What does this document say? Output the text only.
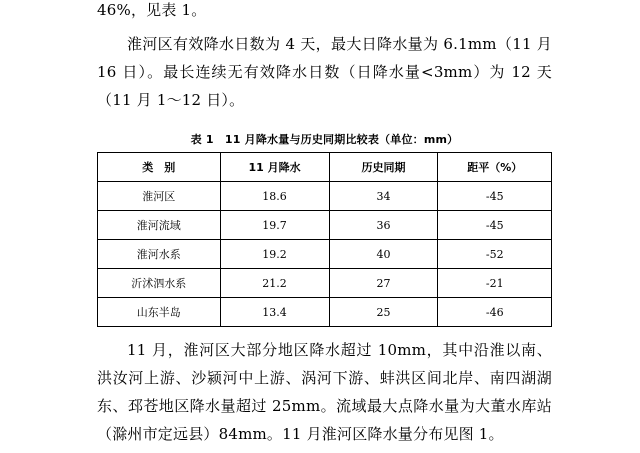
46%，见表 1。

淮河区有效降水日数为 4 天，最大日降水量为 6.1mm（11 月 16 日）。最长连续无有效降水日数（日降水量<3mm）为 12 天（11 月 1～12 日）。

表 1　11 月降水量与历史同期比较表（单位：mm）
类　别	11 月降水	历史同期	距平（%）
淮河区	18.6	34	-45
淮河流域	19.7	36	-45
淮河水系	19.2	40	-52
沂沭泗水系	21.2	27	-21
山东半岛	13.4	25	-46

11 月，淮河区大部分地区降水超过 10mm，其中沿淮以南、洪汝河上游、沙颍河中上游、涡河下游、蚌洪区间北岸、南四湖湖东、邳苍地区降水量超过 25mm。流域最大点降水量为大董水库站（滁州市定远县）84mm。11 月淮河区降水量分布见图 1。
